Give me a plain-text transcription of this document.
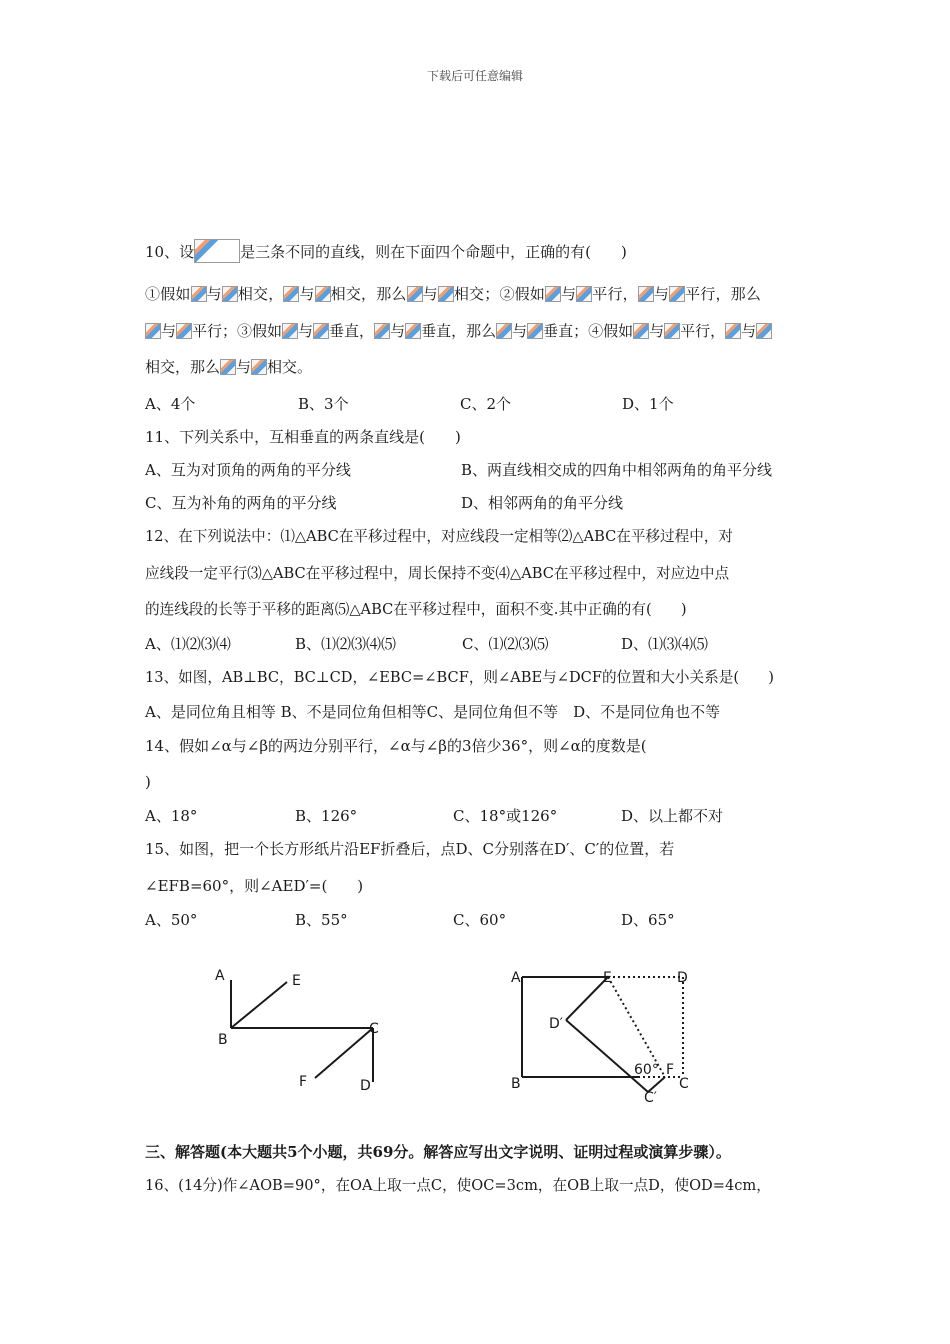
下载后可任意编辑
10、设	是三条不同的直线，则在下面四个命题中，正确的有(　　)
①假如 与 相交， 与 相交，那么 与 相交；②假如 与 平行， 与 平行，那么
与 平行；③假如 与 垂直， 与 垂直，那么 与 垂直；④假如 与 平行， 与
相交，那么 与 相交。
A、4个	B、3个	C、2个	D、1个
11、下列关系中，互相垂直的两条直线是(　　)
A、互为对顶角的两角的平分线	B、两直线相交成的四角中相邻两角的角平分线
C、互为补角的两角的平分线	D、相邻两角的角平分线
12、在下列说法中：⑴△ABC在平移过程中，对应线段一定相等⑵△ABC在平移过程中，对
应线段一定平行⑶△ABC在平移过程中，周长保持不变⑷△ABC在平移过程中，对应边中点
的连线段的长等于平移的距离⑸△ABC在平移过程中，面积不变.其中正确的有(　　)
A、⑴⑵⑶⑷	B、⑴⑵⑶⑷⑸	C、⑴⑵⑶⑸	D、⑴⑶⑷⑸
13、如图，AB⊥BC，BC⊥CD，∠EBC=∠BCF，则∠ABE与∠DCF的位置和大小关系是(　　)
A、是同位角且相等 B、不是同位角但相等C、是同位角但不等　D、不是同位角也不等
14、假如∠α与∠β的两边分别平行，∠α与∠β的3倍少36°，则∠α的度数是(
)
A、18°	B、126°	C、18°或126°	D、以上都不对
15、如图，把一个长方形纸片沿EF折叠后，点D、C分别落在D′、C′的位置，若
∠EFB=60°，则∠AED′=(　　)
A、50°	B、55°	C、60°	D、65°
A	E
B
C
F	D
A	E	D
D′
B
60° F
C
C′
三、解答题(本大题共5个小题，共69分。解答应写出文字说明、证明过程或演算步骤）。
16、(14分)作∠AOB=90°，在OA上取一点C，使OC=3cm，在OB上取一点D，使OD=4cm，
